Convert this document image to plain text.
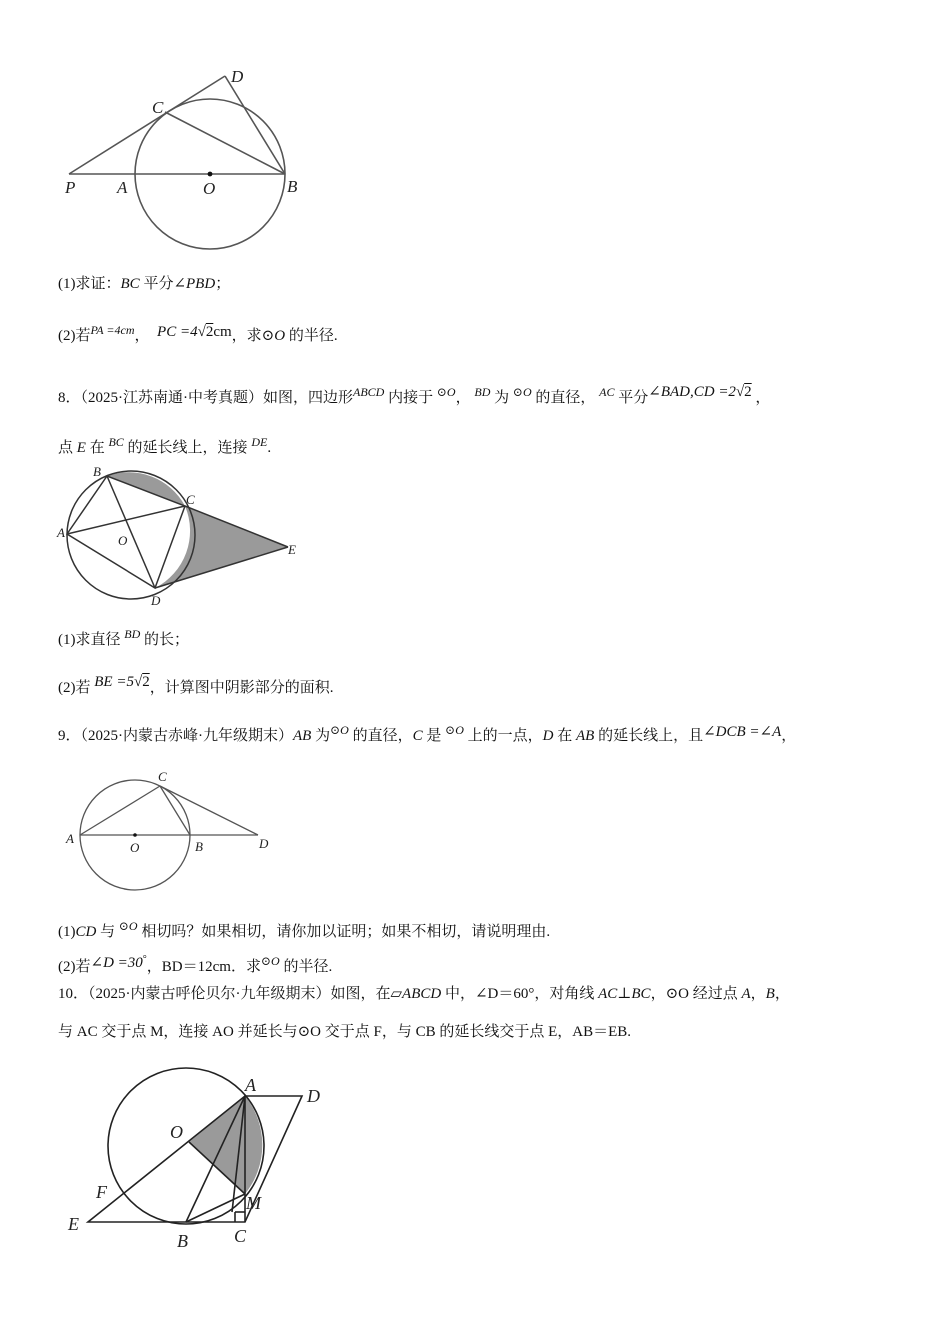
D
C
P A	O	B
(1)求证：BC 平分∠PBD；
(2)若$^{PA =4cm}$， PC =4√2cm，求⊙O 的半径.
8．（2025·江苏南通·中考真题）如图，四边形$^{ABCD}$ 内接于 $^{⊙O}$， $^{BD}$ 为 $^{⊙O}$ 的直径， $^{AC}$ 平分∠BAD,CD =2√2 ，
点 E 在 $^{BC}$ 的延长线上，连接 $^{DE}$.
B
C
A
O
E
D
(1)求直径 $^{BD}$ 的长；
(2)若 BE =5√2，计算图中阴影部分的面积.
9．（2025·内蒙古赤峰·九年级期末）AB 为$^{⊙O}$ 的直径，C 是 $^{⊙O}$ 上的一点，D 在 AB 的延长线上，且∠DCB =∠A，
C
A
O	B	D
(1)CD 与 $^{⊙O}$ 相切吗？如果相切，请你加以证明；如果不相切，请说明理由.
(2)若∠D =30°，BD＝12cm．求$^{⊙O}$ 的半径.
10．（2025·内蒙古呼伦贝尔·九年级期末）如图，在▱ABCD 中，∠D＝60°，对角线 AC⊥BC，⊙O 经过点 A，B，
与 AC 交于点 M，连接 AO 并延长与⊙O 交于点 F，与 CB 的延长线交于点 E，AB＝EB.
A
D
O
F
M
E
B	C
